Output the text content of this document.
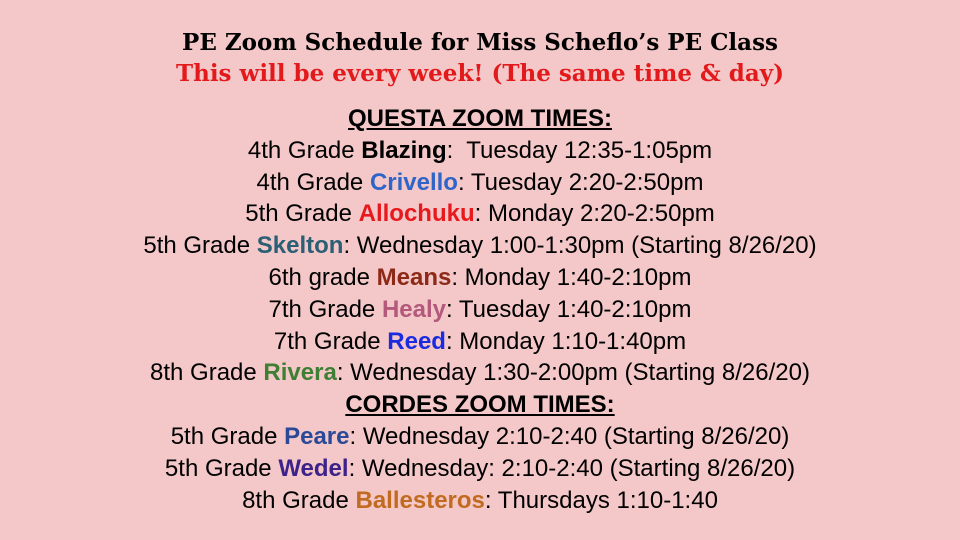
PE Zoom Schedule for Miss Scheflo’s PE Class
This will be every week! (The same time & day)
QUESTA ZOOM TIMES:
4th Grade Blazing:  Tuesday 12:35-1:05pm
4th Grade Crivello: Tuesday 2:20-2:50pm
5th Grade Allochuku: Monday 2:20-2:50pm
5th Grade Skelton: Wednesday 1:00-1:30pm (Starting 8/26/20)
6th grade Means: Monday 1:40-2:10pm
7th Grade Healy: Tuesday 1:40-2:10pm
7th Grade Reed: Monday 1:10-1:40pm
8th Grade Rivera: Wednesday 1:30-2:00pm (Starting 8/26/20)
CORDES ZOOM TIMES:
5th Grade Peare: Wednesday 2:10-2:40 (Starting 8/26/20)
5th Grade Wedel: Wednesday: 2:10-2:40 (Starting 8/26/20)
8th Grade Ballesteros: Thursdays 1:10-1:40
